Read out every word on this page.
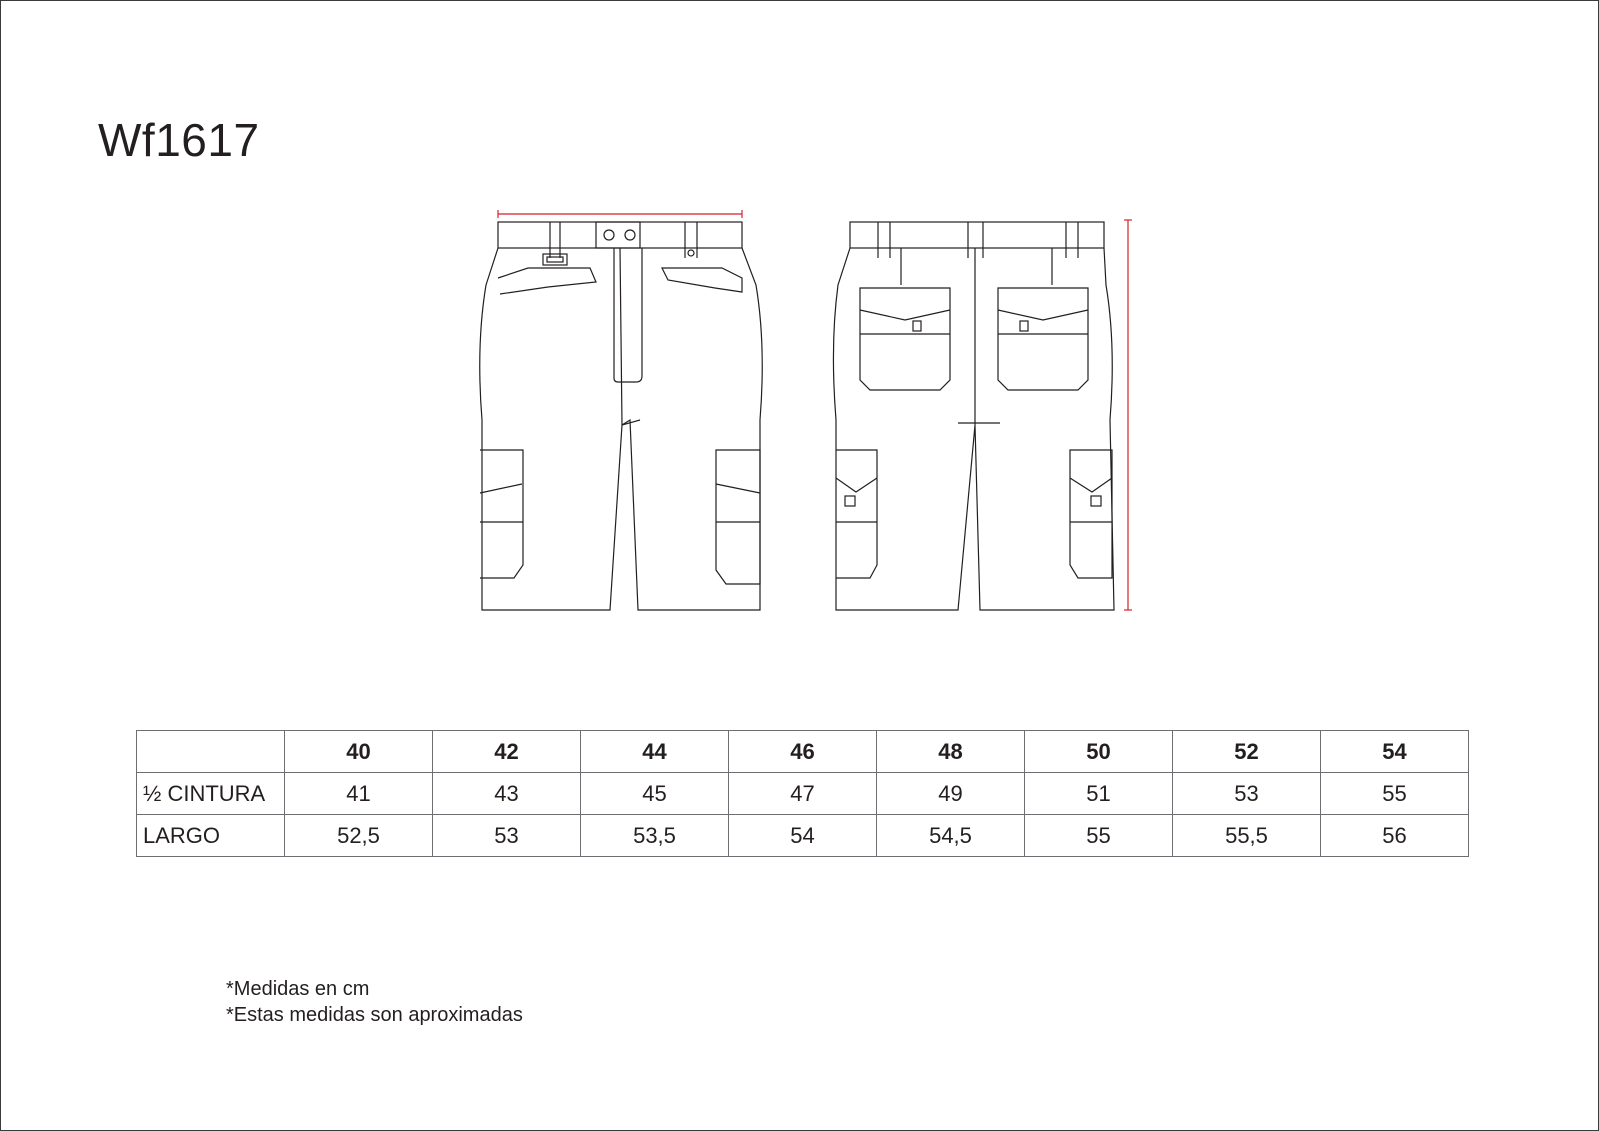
Wf1617
	40	42	44	46	48	50	52	54
½ CINTURA	41	43	45	47	49	51	53	55
LARGO	52,5	53	53,5	54	54,5	55	55,5	56
*Medidas en cm
*Estas medidas son aproximadas
